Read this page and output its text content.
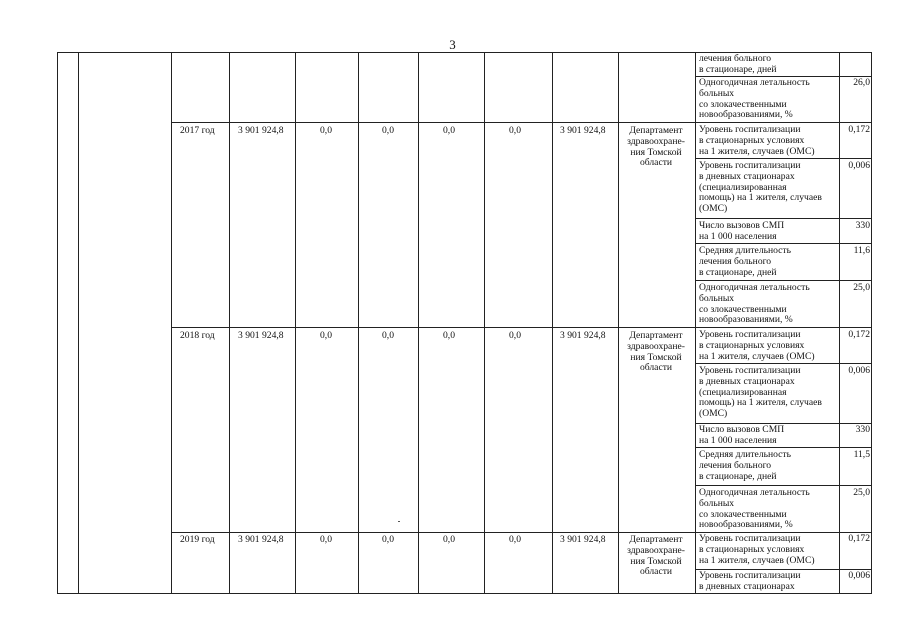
3
лечения больного
в стационаре, дней
Одногодичная летальность
больных
со злокачественными
новообразованиями, %
26,0
2017 год 3 901 924,8	0,0	0,0	0,0	0,0	3 901 924,8	Департамент
здравоохране-
ния Томской
области
Уровень госпитализации
в стационарных условиях
на 1 жителя, случаев (ОМС)
0,172
Уровень госпитализации
в дневных стационарах
(специализированная
помощь) на 1 жителя, случаев
(ОМС)
0,006
Число вызовов СМП
на 1 000 населения
330
Средняя длительность
лечения больного
в стационаре, дней
11,6
Одногодичная летальность
больных
со злокачественными
новообразованиями, %
25,0
2018 год 3 901 924,8	0,0	0,0	0,0	0,0	3 901 924,8	Департамент
здравоохране-
ния Томской
области
Уровень госпитализации
в стационарных условиях
на 1 жителя, случаев (ОМС)
0,172
Уровень госпитализации
в дневных стационарах
(специализированная
помощь) на 1 жителя, случаев
(ОМС)
0,006
Число вызовов СМП
на 1 000 населения
330
Средняя длительность
лечения больного
в стационаре, дней
11,5
Одногодичная летальность
больных
со злокачественными
новообразованиями, %
25,0
2019 год 3 901 924,8	0,0	0,0	0,0	0,0	3 901 924,8	Департамент
здравоохране-
ния Томской
области
Уровень госпитализации
в стационарных условиях
на 1 жителя, случаев (ОМС)
0,172
Уровень госпитализации
в дневных стационарах
0,006
